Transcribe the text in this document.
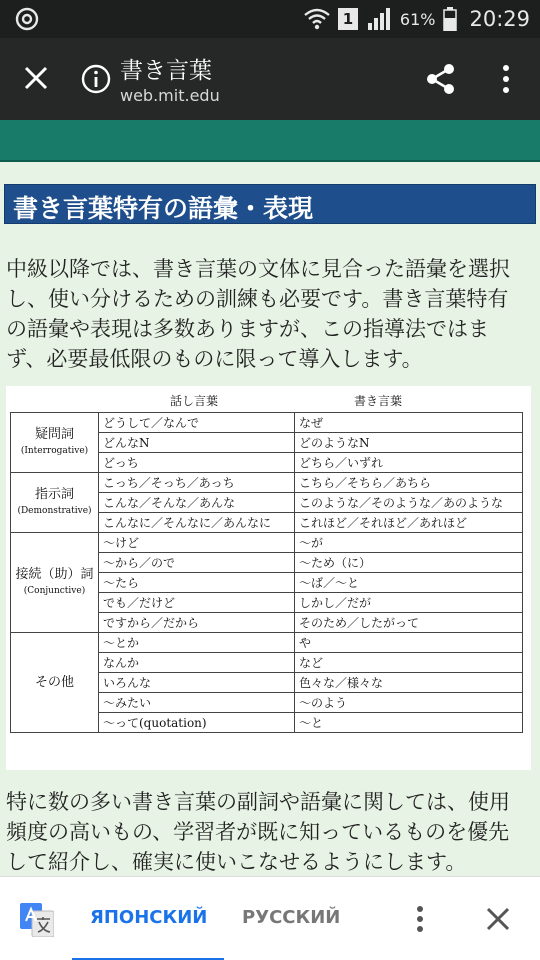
1	61% 20:29
書き言葉
web.mit.edu
書き言葉特有の語彙・表現
中級以降では、書き言葉の文体に見合った語彙を選択
し、使い分けるための訓練も必要です。書き言葉特有
の語彙や表現は多数ありますが、この指導法ではま
ず、必要最低限のものに限って導入します。
話し言葉	書き言葉
疑問詞
(Interrogative)	どうして／なんで	なぜ
	どんなN	どのようなN
	どっち	どちら／いずれ
指示詞
(Demonstrative)	こっち／そっち／あっち	こちら／そちら／あちら
	こんな／そんな／あんな	このような／そのような／あのような
	こんなに／そんなに／あんなに	これほど／それほど／あれほど
接続（助）詞
(Conjunctive)	〜けど	〜が
	〜から／ので	〜ため（に）
	〜たら	〜ば／〜と
	でも／だけど	しかし／だが
	ですから／だから	そのため／したがって
その他	〜とか	や
	なんか	など
	いろんな	色々な／様々な
	〜みたい	〜のよう
	〜って(quotation)	〜と
特に数の多い書き言葉の副詞や語彙に関しては、使用
頻度の高いもの、学習者が既に知っているものを優先
して紹介し、確実に使いこなせるようにします。
ЯПОНСКИЙ РУССКИЙ
